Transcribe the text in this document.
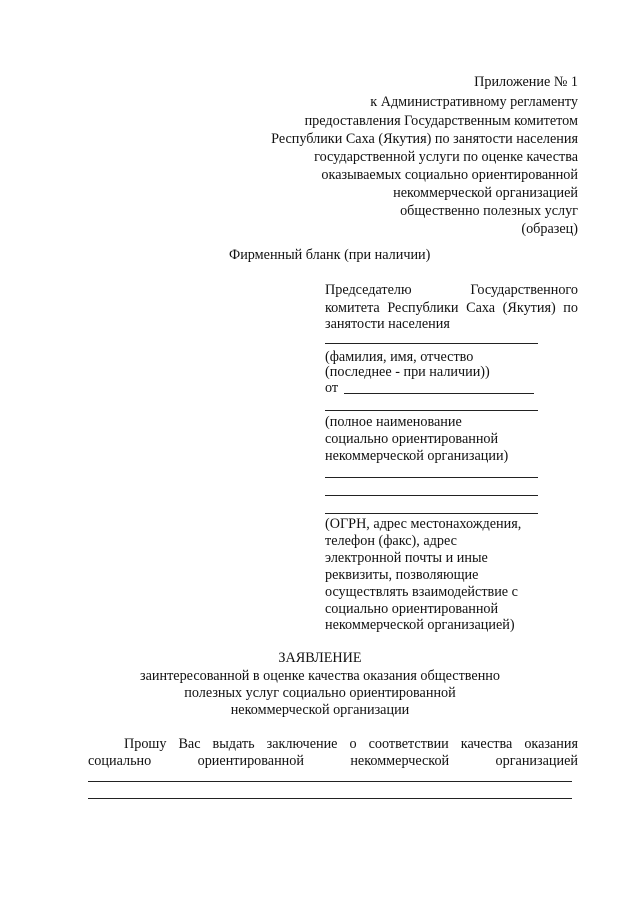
Приложение № 1
к Административному регламенту
предоставления Государственным комитетом
Республики Саха (Якутия) по занятости населения
государственной услуги по оценке качества
оказываемых социально ориентированной
некоммерческой организацией
общественно полезных услуг
(образец)
Фирменный бланк (при наличии)
Председателю	Государственного
комитета Республики Саха (Якутия) по
занятости населения
(фамилия, имя, отчество
(последнее - при наличии))
от
(полное наименование
социально ориентированной
некоммерческой организации)
(ОГРН, адрес местонахождения,
телефон (факс), адрес
электронной почты и иные
реквизиты, позволяющие
осуществлять взаимодействие с
социально ориентированной
некоммерческой организацией)
ЗАЯВЛЕНИЕ
заинтересованной в оценке качества оказания общественно
полезных услуг социально ориентированной
некоммерческой организации
Прошу Вас выдать заключение о соответствии качества оказания
социально ориентированной некоммерческой организацией
